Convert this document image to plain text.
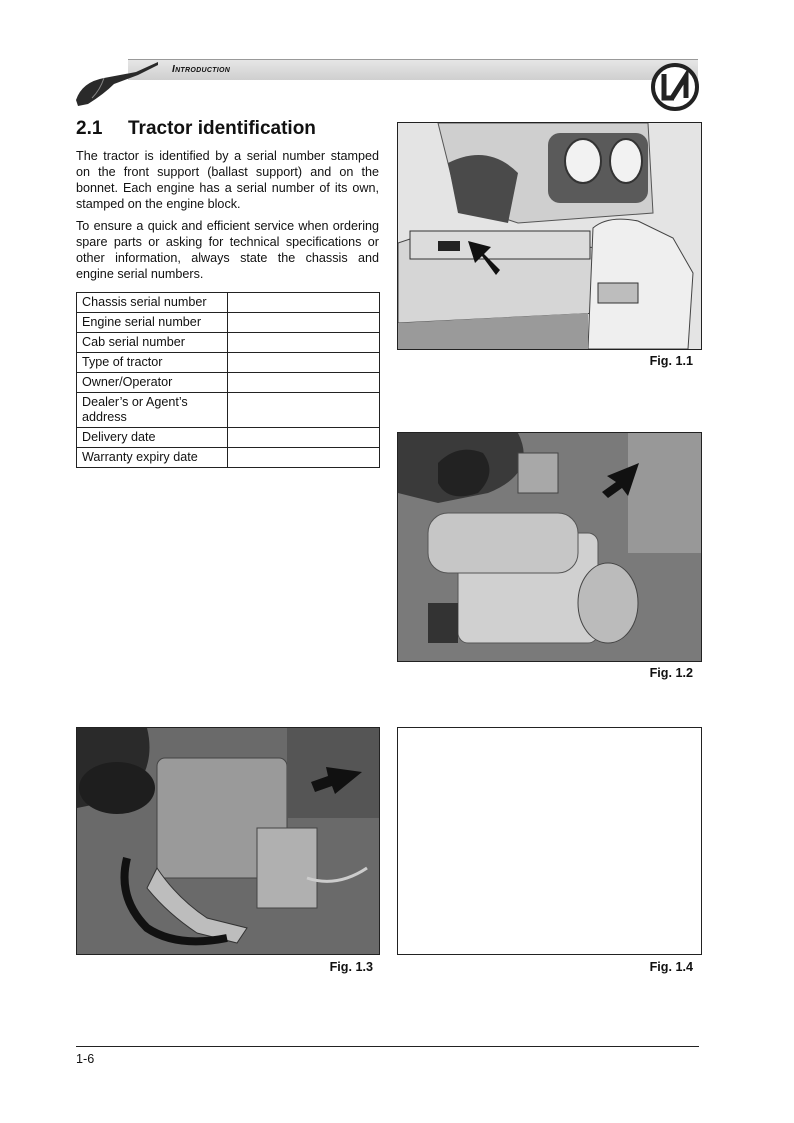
Introduction
2.1 Tractor identification

The tractor is identified by a serial number stamped on the front support (ballast support) and on the bonnet. Each engine has a serial number of its own, stamped on the engine block.

To ensure a quick and efficient service when ordering spare parts or asking for technical specifications or other information, always state the chassis and engine serial numbers.

Chassis serial number	
Engine serial number	
Cab serial number	
Type of tractor	
Owner/Operator	
Dealer’s or Agent’s address	
Delivery date	
Warranty expiry date	
Fig. 1.1
Fig. 1.2
Fig. 1.3	Fig. 1.4
1-6
